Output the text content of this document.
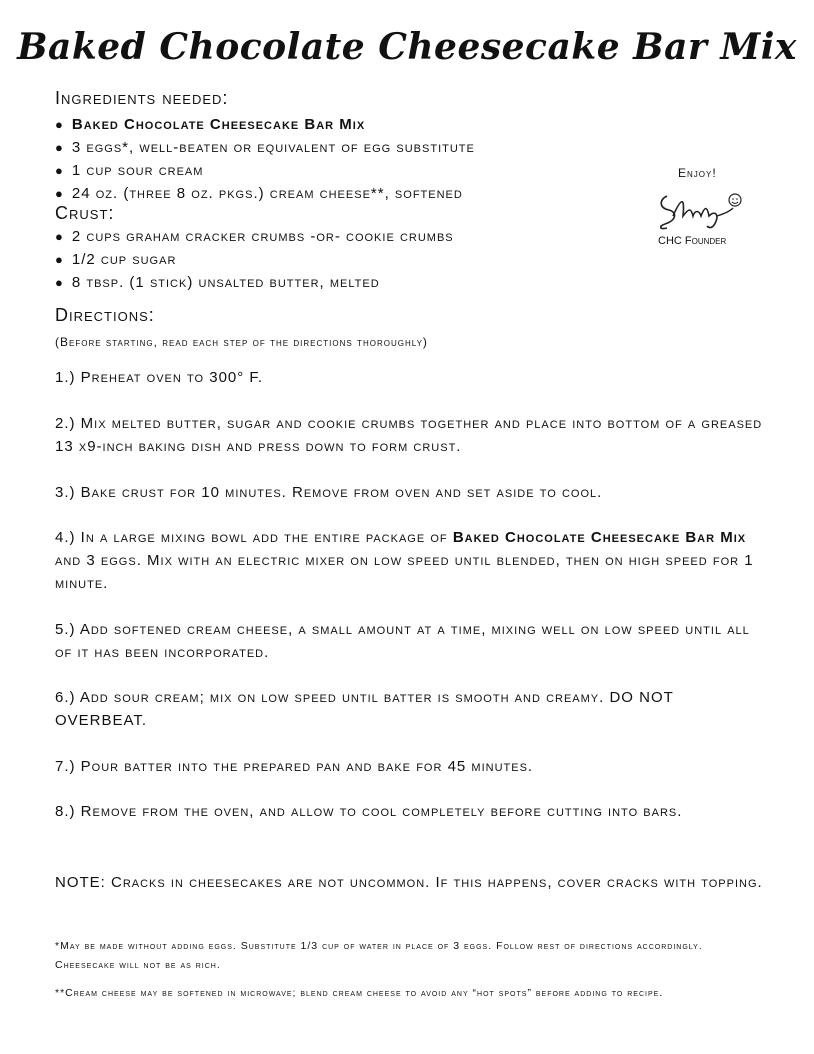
Baked Chocolate Cheesecake Bar Mix
Ingredients needed:
● Baked Chocolate Cheesecake Bar Mix
● 3 eggs*, well-beaten or equivalent of egg substitute
● 1 cup sour cream
● 24 oz. (three 8 oz. pkgs.) cream cheese**, softened
Crust:
● 2 cups graham cracker crumbs -or- cookie crumbs
● 1/2 cup sugar
● 8 tbsp. (1 stick) unsalted butter, melted
Enjoy!
CHC Founder
Directions:
(Before starting, read each step of the directions thoroughly)
1.) Preheat oven to 300° F.
2.) Mix melted butter, sugar and cookie crumbs together and place into bottom of a greased 13 x9-inch baking dish and press down to form crust.
3.) Bake crust for 10 minutes. Remove from oven and set aside to cool.
4.) In a large mixing bowl add the entire package of Baked Chocolate Cheesecake Bar Mix and 3 eggs. Mix with an electric mixer on low speed until blended, then on high speed for 1 minute.
5.) Add softened cream cheese, a small amount at a time, mixing well on low speed until all of it has been incorporated.
6.) Add sour cream; mix on low speed until batter is smooth and creamy. DO NOT OVERBEAT.
7.) Pour batter into the prepared pan and bake for 45 minutes.
8.) Remove from the oven, and allow to cool completely before cutting into bars.
NOTE: Cracks in cheesecakes are not uncommon. If this happens, cover cracks with topping.
*May be made without adding eggs. Substitute 1/3 cup of water in place of 3 eggs. Follow rest of directions accordingly. Cheesecake will not be as rich.
**Cream cheese may be softened in microwave; blend cream cheese to avoid any “hot spots” before adding to recipe.
